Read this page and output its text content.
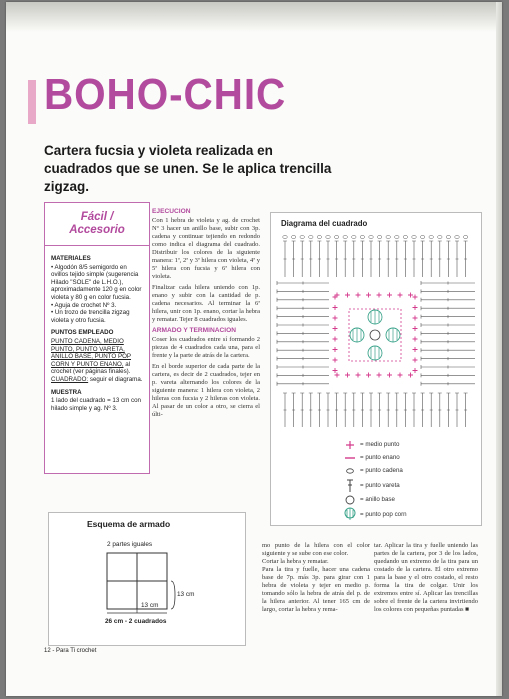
BOHO-CHIC

Cartera fucsia y violeta realizada en cuadrados que se unen. Se le aplica trencilla zigzag.

Fácil /
Accesorio
MATERIALES
• Algodón 8/5 semigordo en ovillos tejido simple (sugerencia Hilado "SOLE" de L.H.O.), aproximadamente 120 g en color violeta y 80 g en color fucsia.
• Aguja de crochet Nº 3.
• Un trozo de trencilla zigzag violeta y otro fucsia.
PUNTOS EMPLEADO
PUNTO CADENA, MEDIO PUNTO, PUNTO VARETA, ANILLO BASE, PUNTO POP CORN Y PUNTO ENANO, al crochet (ver páginas finales).
CUADRADO: seguir el diagrama.
MUESTRA
1 lado del cuadrado = 13 cm con hilado simple y ag. Nº 3.
EJECUCION

Con 1 hebra de violeta y ag. de crochet Nº 3 hacer un anillo base, subir con 3p. cadena y continuar tejiendo en redondo como indica el diagrama del cuadrado. Distribuir los colores de la siguiente manera: 1ª, 2ª y 3ª hilera con violeta, 4ª y 5ª hilera con fucsia y 6ª hilera con violeta.

Finalizar cada hilera uniendo con 1p. enano y subir con la cantidad de p. cadena necesarios. Al terminar la 6ª hilera, unir con 1p. enano, cortar la hebra y rematar. Tejer 8 cuadrados iguales.

ARMADO Y TERMINACION

Coser los cuadrados entre sí formando 2 piezas de 4 cuadrados cada una, para el frente y la parte de atrás de la cartera.

En el borde superior de cada parte de la cartera, es decir de 2 cuadrados, tejer en p. vareta alternando los colores de la siguiente manera: 1 hilera con violeta, 2 hileras con fucsia y 2 hileras con violeta. Al pasar de un color a otro, se cierra el últi-

Diagrama del cuadrado
= medio punto
= punto enano
= punto cadena
= punto vareta
= anillo base
= punto pop corn
Esquema de armado
2 partes iguales
13 cm
13 cm
26 cm - 2 cuadrados
mo punto de la hilera con el color siguiente y se sube con ese color.
Cortar la hebra y rematar.
Para la tira y fuelle, hacer una cadena base de 7p. más 3p. para girar con 1 hebra de violeta y tejer en medio p. tomando sólo la hebra de atrás del p. de la hilera anterior. Al tener 165 cm de largo, cortar la hebra y rema-
tar. Aplicar la tira y fuelle uniendo las partes de la cartera, por 3 de los lados, quedando un extremo de la tira para un costado de la cartera. El otro extremo para la base y el otro costado, el resto forma la tira de colgar. Unir los extremos entre sí. Aplicar las trencillas sobre el frente de la cartera invirtiendo los colores con pequeñas puntadas ■
12 - Para Ti crochet
